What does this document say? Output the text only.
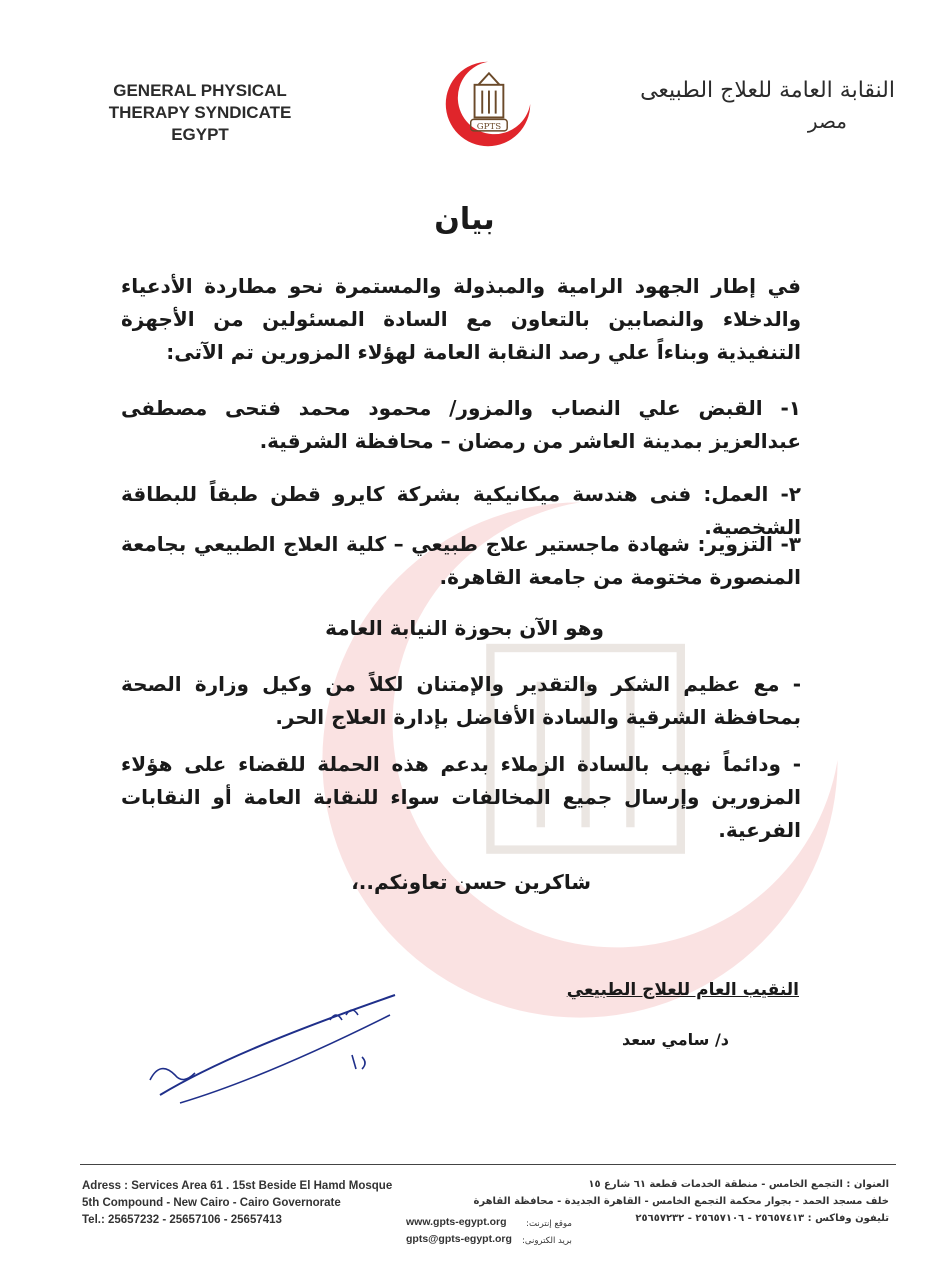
GENERAL PHYSICAL
THERAPY SYNDICATE
EGYPT	GPTS
النقابة العامة للعلاج الطبيعى
مصر
بيان
في إطار الجهود الرامية والمبذولة والمستمرة نحو مطاردة الأدعياء والدخلاء والنصابين بالتعاون مع السادة المسئولين من الأجهزة التنفيذية وبناءاً علي رصد النقابة العامة لهؤلاء المزورين تم الآتى:
١- القبض علي النصاب والمزور/ محمود محمد فتحى مصطفى عبدالعزيز بمدينة العاشر من رمضان – محافظة الشرقية.
٢- العمل: فنى هندسة ميكانيكية بشركة كايرو قطن طبقاً للبطاقة الشخصية.
٣- التزوير: شهادة ماجستير علاج طبيعي – كلية العلاج الطبيعي بجامعة المنصورة مختومة من جامعة القاهرة.
وهو الآن بحوزة النيابة العامة
- مع عظيم الشكر والتقدير والإمتنان لكلاً من وكيل وزارة الصحة بمحافظة الشرقية والسادة الأفاضل بإدارة العلاج الحر.
- ودائماً نهيب بالسادة الزملاء بدعم هذه الحملة للقضاء على هؤلاء المزورين وإرسال جميع المخالفات سواء للنقابة العامة أو النقابات الفرعية.
شاكرين حسن تعاونكم..،
النقيب العام للعلاج الطبيعي
د/ سامي سعد
Adress : Services Area 61 . 15st Beside El Hamd Mosque
5th Compound - New Cairo - Cairo Governorate
Tel.: 25657232 - 25657106 - 25657413	www.gpts-egypt.org
gpts@gpts-egypt.org
موقع إنترنت:
بريد الكترونى:
العنوان : التجمع الخامس - منطقة الخدمات قطعة ٦١ شارع ١٥
خلف مسجد الحمد - بجوار محكمة التجمع الخامس - القاهرة الجديدة - محافظة القاهرة
تليفون وفاكس : ٢٥٦٥٧٤١٣ - ٢٥٦٥٧١٠٦ - ٢٥٦٥٧٢٣٢
